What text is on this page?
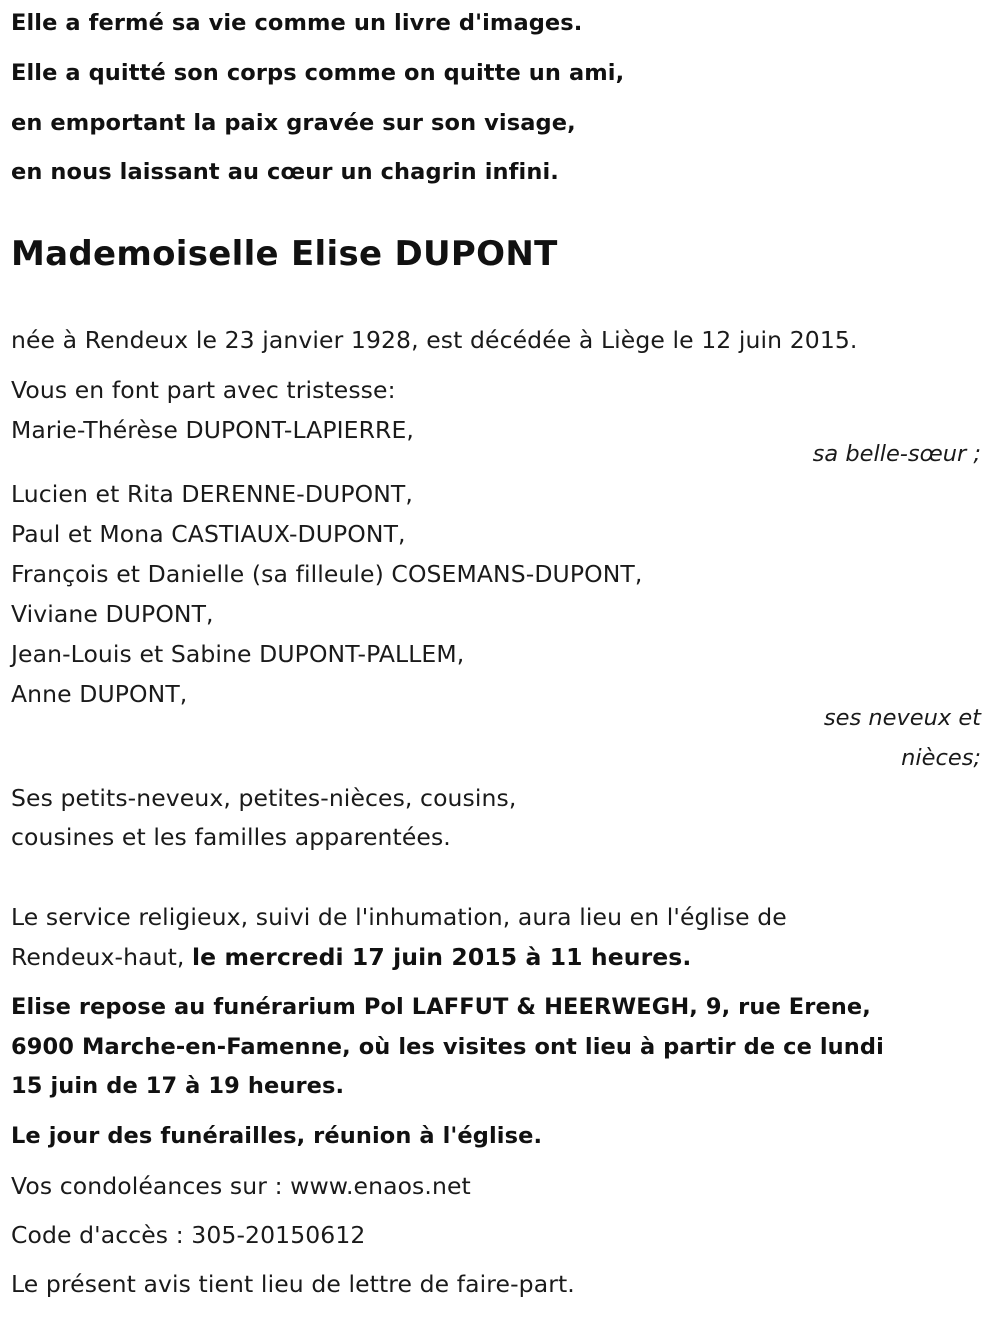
Elle a fermé sa vie comme un livre d'images.
Elle a quitté son corps comme on quitte un ami,
en emportant la paix gravée sur son visage,
en nous laissant au cœur un chagrin infini.
Mademoiselle Elise DUPONT
née à Rendeux le 23 janvier 1928, est décédée à Liège le 12 juin 2015.
Vous en font part avec tristesse:
Marie-Thérèse DUPONT-LAPIERRE,
sa belle-sœur ;
Lucien et Rita DERENNE-DUPONT,
Paul et Mona CASTIAUX-DUPONT,
François et Danielle (sa filleule) COSEMANS-DUPONT,
Viviane DUPONT,
Jean-Louis et Sabine DUPONT-PALLEM,
Anne DUPONT,
ses neveux et
nièces;
Ses petits-neveux, petites-nièces, cousins,
cousines et les familles apparentées.
Le service religieux, suivi de l'inhumation, aura lieu en l'église de
Rendeux-haut, le mercredi 17 juin 2015 à 11 heures.
Elise repose au funérarium Pol LAFFUT & HEERWEGH, 9, rue Erene,
6900 Marche-en-Famenne, où les visites ont lieu à partir de ce lundi
15 juin de 17 à 19 heures.
Le jour des funérailles, réunion à l'église.
Vos condoléances sur : www.enaos.net
Code d'accès : 305-20150612
Le présent avis tient lieu de lettre de faire-part.
